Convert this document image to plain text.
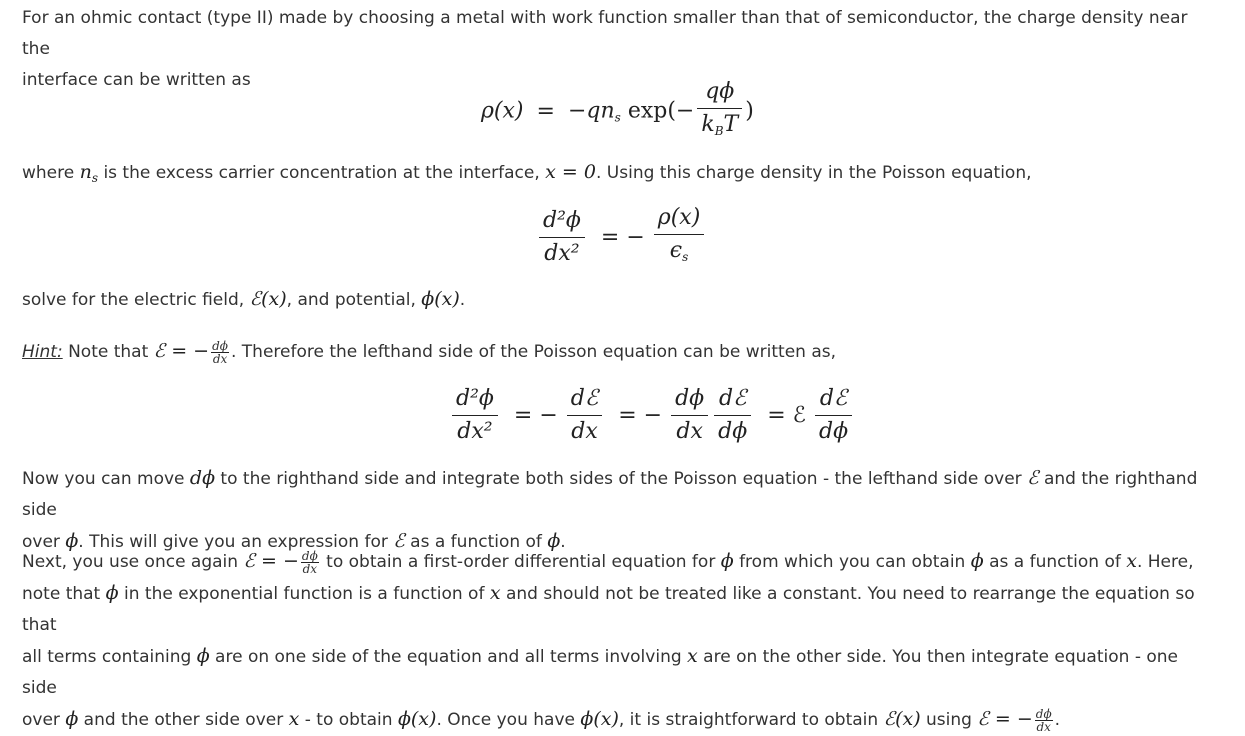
For an ohmic contact (type II) made by choosing a metal with work function smaller than that of semiconductor, the charge density near the
interface can be written as

$\rho(x) = -qn_s$ $\exp(- \frac{q\phi}{k_BT}$ )

where $n_s$ is the excess carrier concentration at the interface, x = 0. Using this charge density in the Poisson equation,

$\frac{\text{d²ϕ}}{\text{dx²}}$ = − $\frac{\rho(x)}{\epsilon_s}$

solve for the electric field, ℰ(x), and potential, ϕ(x).

Hint: Note that ℰ = − $\frac{d\phi}{dx}$ . Therefore the lefthand side of the Poisson equation can be written as,

$\frac{\text{d²ϕ}}{\text{dx²}}$ = − $\frac{\text{dℰ}}{dx}$ = − $\frac{d\phi}{dx} \frac{\text{dℰ}}{d\phi}$ = ℰ $\frac{\text{dℰ}}{d\phi}$

Now you can move dϕ to the righthand side and integrate both sides of the Poisson equation - the lefthand side over ℰ and the righthand side
over ϕ. This will give you an expression for ℰ as a function of ϕ.

Next, you use once again ℰ = − $\frac{d\phi}{dx}$ to obtain a first-order differential equation for ϕ from which you can obtain ϕ as a function of x. Here,
note that ϕ in the exponential function is a function of x and should not be treated like a constant. You need to rearrange the equation so that
all terms containing ϕ are on one side of the equation and all terms involving x are on the other side. You then integrate equation - one side
over ϕ and the other side over x - to obtain ϕ(x). Once you have ϕ(x), it is straightforward to obtain ℰ(x) using ℰ = − $\frac{d\phi}{dx}$ .
